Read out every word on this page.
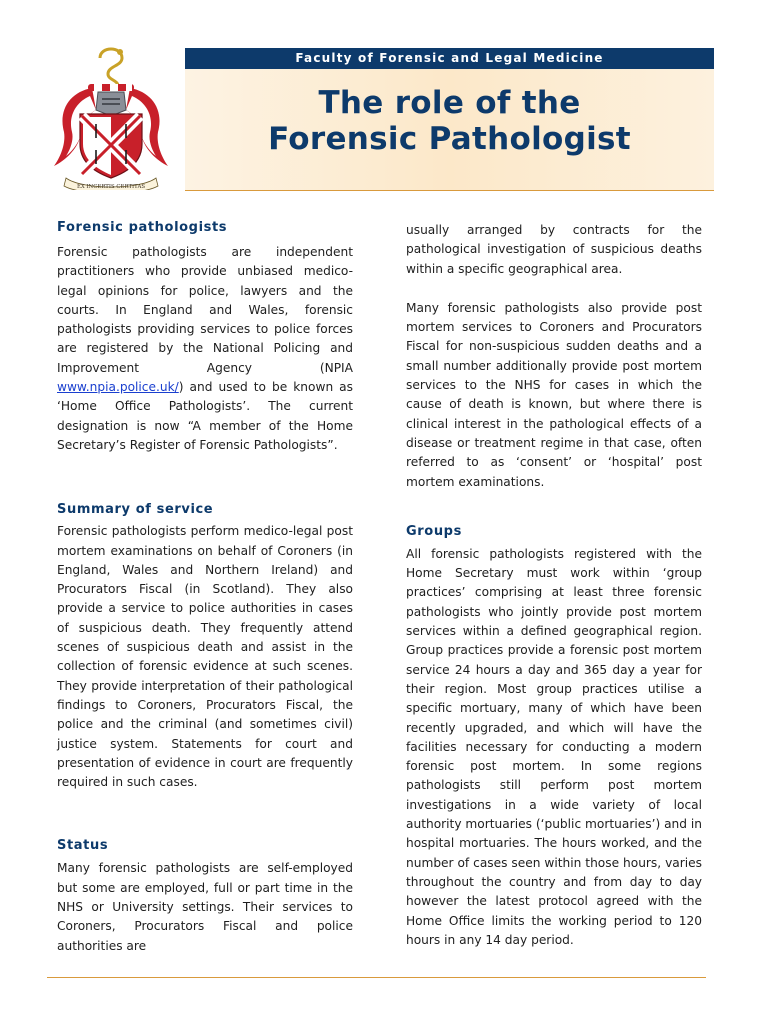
EX INCERTIS CERTITAS
Faculty of Forensic and Legal Medicine
The role of the
Forensic Pathologist
Forensic pathologists

Forensic pathologists are independent practitioners who provide unbiased medico-legal opinions for police, lawyers and the courts. In England and Wales, forensic pathologists providing services to police forces are registered by the National Policing and Improvement Agency (NPIA www.npia.police.uk/) and used to be known as ‘Home Office Pathologists’. The current designation is now “A member of the Home Secretary’s Register of Forensic Pathologists”.

Summary of service

Forensic pathologists perform medico-legal post mortem examinations on behalf of Coroners (in England, Wales and Northern Ireland) and Procurators Fiscal (in Scotland). They also provide a service to police authorities in cases of suspicious death. They frequently attend scenes of suspicious death and assist in the collection of forensic evidence at such scenes. They provide interpretation of their pathological findings to Coroners, Procurators Fiscal, the police and the criminal (and sometimes civil) justice system. Statements for court and presentation of evidence in court are frequently required in such cases.

Status

Many forensic pathologists are self-employed but some are employed, full or part time in the NHS or University settings. Their services to Coroners, Procurators Fiscal and police authorities are

usually arranged by contracts for the pathological investigation of suspicious deaths within a specific geographical area.

Many forensic pathologists also provide post mortem services to Coroners and Procurators Fiscal for non-suspicious sudden deaths and a small number additionally provide post mortem services to the NHS for cases in which the cause of death is known, but where there is clinical interest in the pathological effects of a disease or treatment regime in that case, often referred to as ‘consent’ or ‘hospital’ post mortem examinations.

Groups

All forensic pathologists registered with the Home Secretary must work within ‘group practices’ comprising at least three forensic pathologists who jointly provide post mortem services within a defined geographical region. Group practices provide a forensic post mortem service 24 hours a day and 365 day a year for their region. Most group practices utilise a specific mortuary, many of which have been recently upgraded, and which will have the facilities necessary for conducting a modern forensic post mortem. In some regions pathologists still perform post mortem investigations in a wide variety of local authority mortuaries (‘public mortuaries’) and in hospital mortuaries. The hours worked, and the number of cases seen within those hours, varies throughout the country and from day to day however the latest protocol agreed with the Home Office limits the working period to 120 hours in any 14 day period.
